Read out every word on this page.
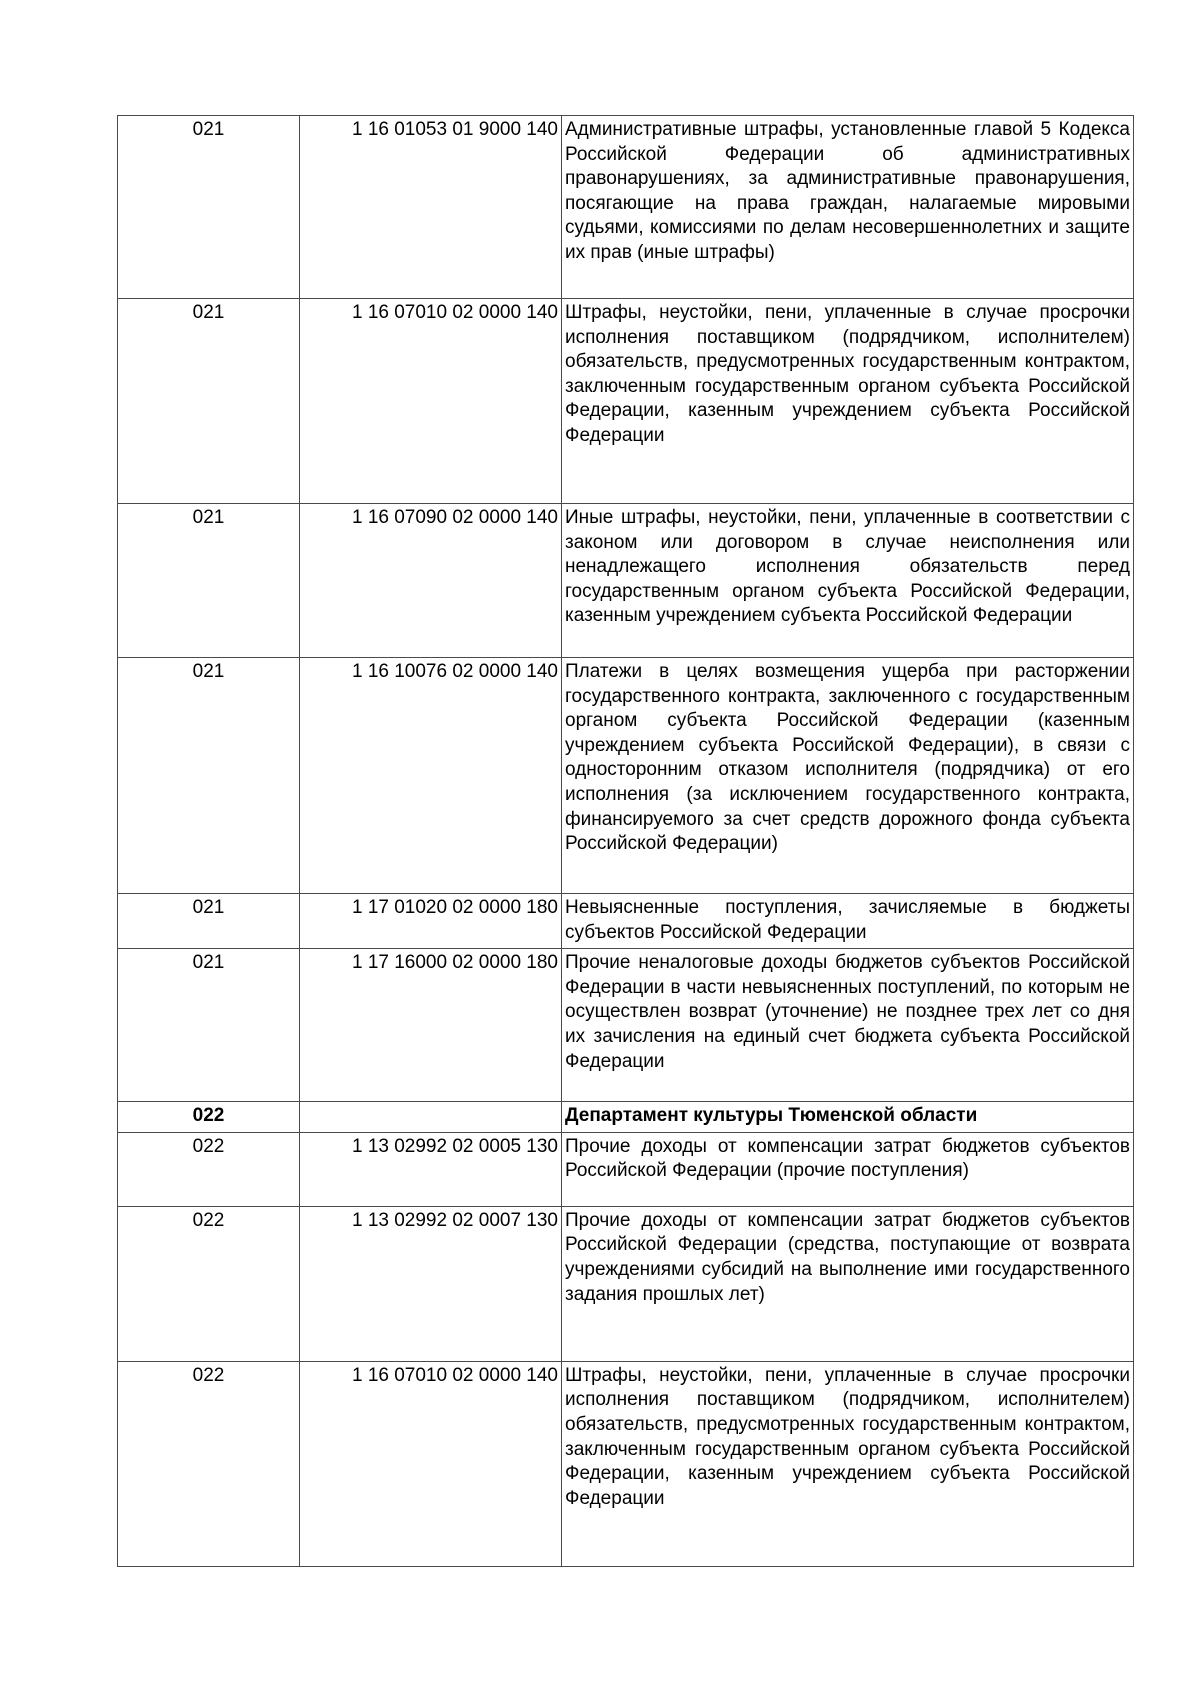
021	1 16 01053 01 9000 140	Административные штрафы, установленные главой 5 Кодекса Российской Федерации об административных правонарушениях, за административные правонарушения, посягающие на права граждан, налагаемые мировыми судьями, комиссиями по делам несовершеннолетних и защите их прав (иные штрафы)
021	1 16 07010 02 0000 140	Штрафы, неустойки, пени, уплаченные в случае просрочки исполнения поставщиком (подрядчиком, исполнителем) обязательств, предусмотренных государственным контрактом, заключенным государственным органом субъекта Российской Федерации, казенным учреждением субъекта Российской Федерации
021	1 16 07090 02 0000 140	Иные штрафы, неустойки, пени, уплаченные в соответствии с законом или договором в случае неисполнения или ненадлежащего исполнения обязательств перед государственным органом субъекта Российской Федерации, казенным учреждением субъекта Российской Федерации
021	1 16 10076 02 0000 140	Платежи в целях возмещения ущерба при расторжении государственного контракта, заключенного с государственным органом субъекта Российской Федерации (казенным учреждением субъекта Российской Федерации), в связи с односторонним отказом исполнителя (подрядчика) от его исполнения (за исключением государственного контракта, финансируемого за счет средств дорожного фонда субъекта Российской Федерации)
021	1 17 01020 02 0000 180	Невыясненные поступления, зачисляемые в бюджеты субъектов Российской Федерации
021	1 17 16000 02 0000 180	Прочие неналоговые доходы бюджетов субъектов Российской Федерации в части невыясненных поступлений, по которым не осуществлен возврат (уточнение) не позднее трех лет со дня их зачисления на единый счет бюджета субъекта Российской Федерации
022		Департамент культуры Тюменской области
022	1 13 02992 02 0005 130	Прочие доходы от компенсации затрат бюджетов субъектов Российской Федерации (прочие поступления)
022	1 13 02992 02 0007 130	Прочие доходы от компенсации затрат бюджетов субъектов Российской Федерации (средства, поступающие от возврата учреждениями субсидий на выполнение ими государственного задания прошлых лет)
022	1 16 07010 02 0000 140	Штрафы, неустойки, пени, уплаченные в случае просрочки исполнения поставщиком (подрядчиком, исполнителем) обязательств, предусмотренных государственным контрактом, заключенным государственным органом субъекта Российской Федерации, казенным учреждением субъекта Российской Федерации
